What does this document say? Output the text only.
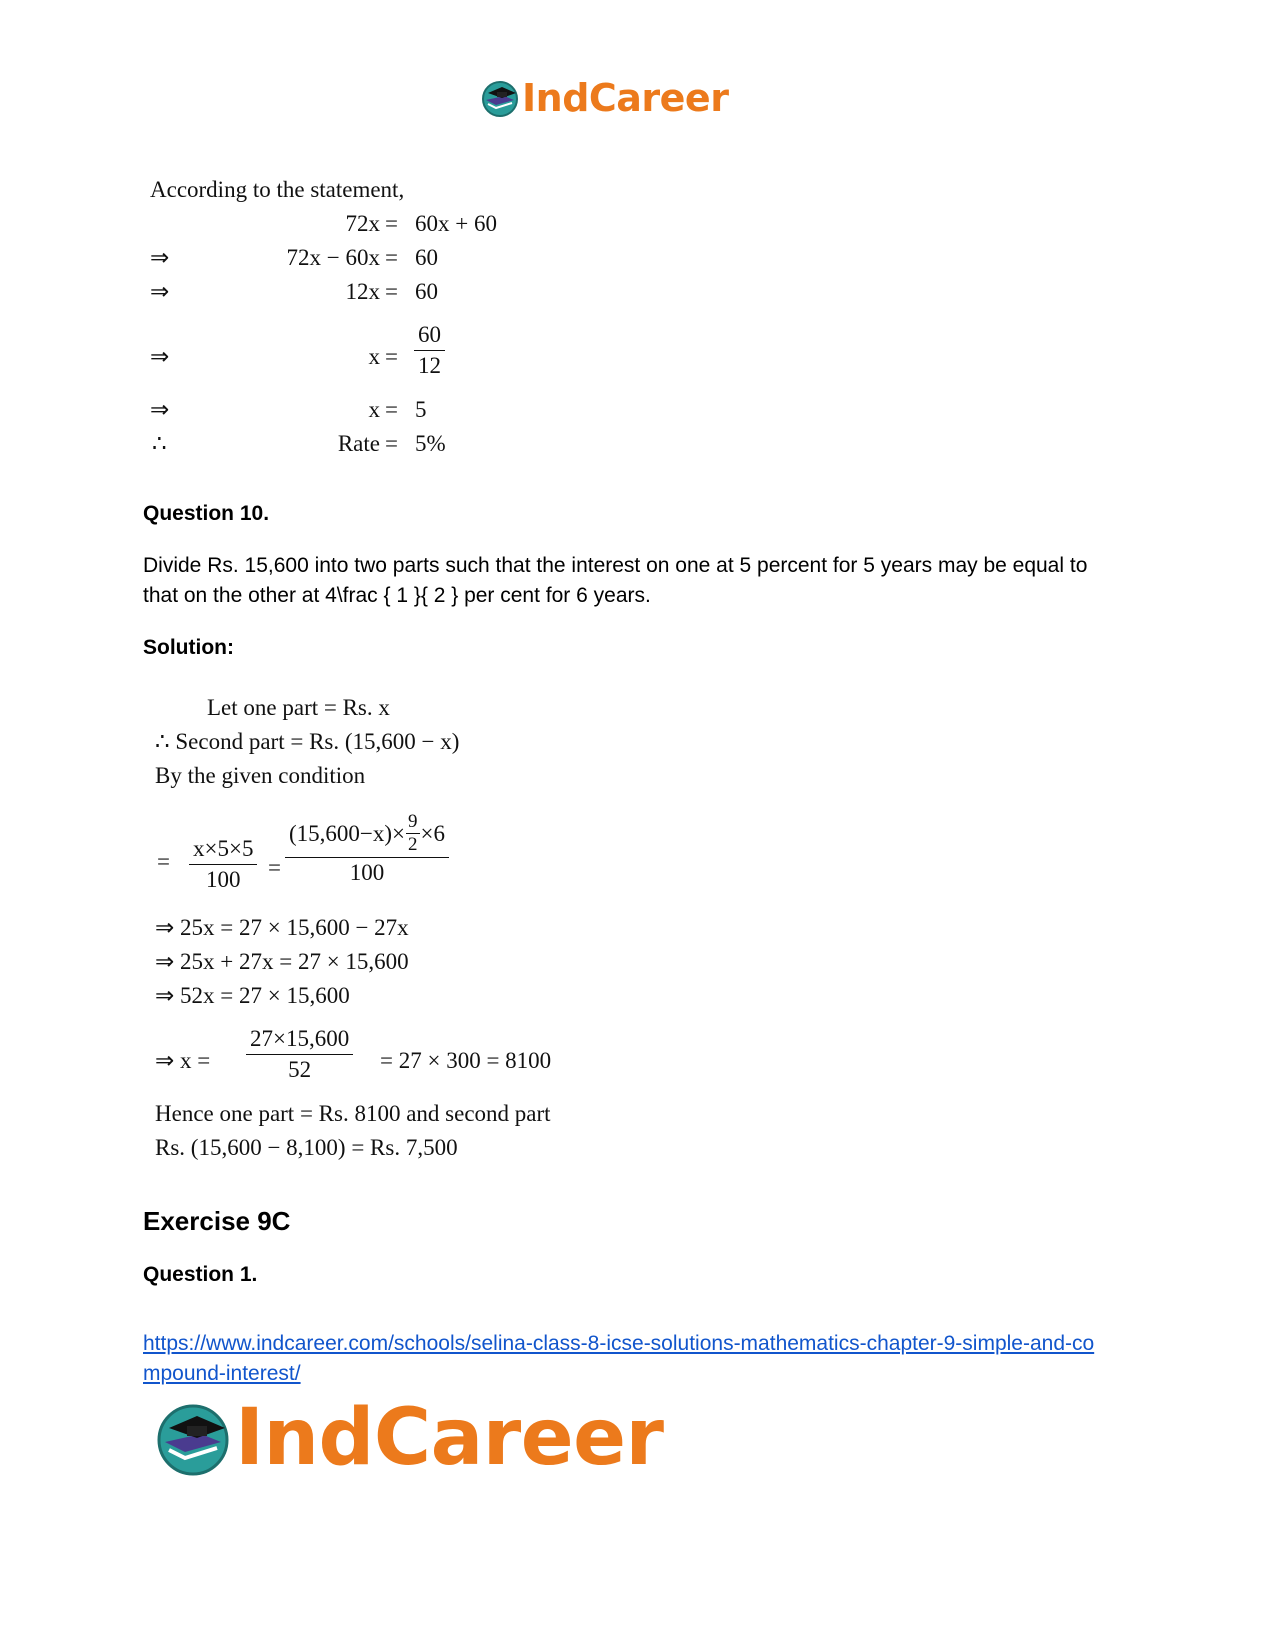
IndCareer
According to the statement,
72x = 60x + 60
⇒	72x − 60x = 60
⇒	12x = 60
⇒	$x = \frac{60}{12}$
⇒	x = 5
∴	Rate = 5%
Question 10.
Divide Rs. 15,600 into two parts such that the interest on one at 5 percent for 5 years may be equal to that on the other at 4\frac { 1 }{ 2 } per cent for 6 years.
Solution:
Let one part = Rs. x
∴ Second part = Rs. (15,600 − x)
By the given condition
= $\frac{x\times 5\times 5}{100}$ =
$(15,600-x)\times \frac{9}{2} \times 6$
100
⇒ 25x = 27 × 15,600 − 27x
⇒ 25x + 27x = 27 × 15,600
⇒ 52x = 27 × 15,600
⇒ $x = \frac{27\times 15,600}{52} = 27 \times 300 = 8100$
Hence one part = Rs. 8100 and second part
Rs. (15,600 − 8,100) = Rs. 7,500
Exercise 9C
Question 1.
https://www.indcareer.com/schools/selina-class-8-icse-solutions-mathematics-chapter-9-simple-and-compound-interest/
IndCareer
